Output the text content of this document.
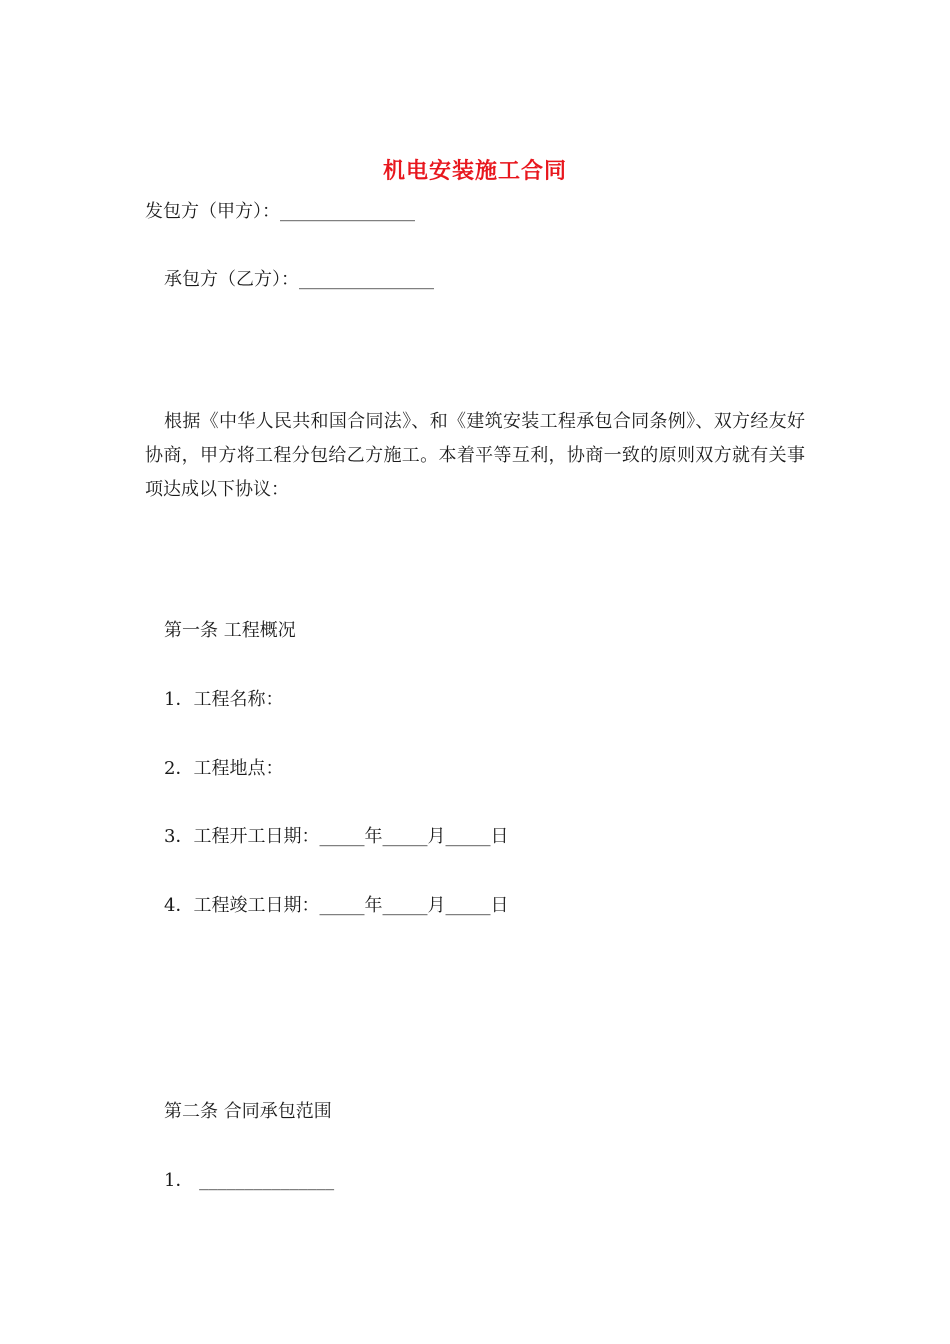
机电安装施工合同
发包方（甲方）：_______________
承包方（乙方）：_______________
根据《中华人民共和国合同法》、和《建筑安装工程承包合同条例》、双方经友好协商，甲方将工程分包给乙方施工。本着平等互利，协商一致的原则双方就有关事项达成以下协议：
第一条 工程概况
1．工程名称：
2．工程地点：
3．工程开工日期：_____年_____月_____日
4．工程竣工日期：_____年_____月_____日
第二条 合同承包范围
1． _______________
